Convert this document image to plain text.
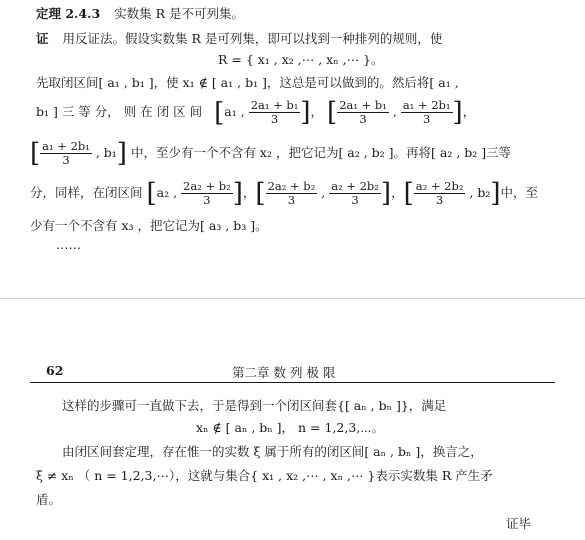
定理 2.4.3 实数集 R 是不可列集。
证 用反证法。假设实数集 R 是可列集，即可以找到一种排列的规则，使
R = { x₁ , x₂ ,⋯ , xₙ ,⋯ }。
先取闭区间[ a₁ , b₁ ]，使 x₁ ∉ [ a₁ , b₁ ]，这总是可以做到的。然后将[ a₁ ,
b₁ ] 三 等 分， 则 在 闭 区 间 [a₁ , $\frac{\text{2a₁ + b₁}}{3}$ ]， [ $\frac{\text{2a₁ + b₁}}{3}$ , $\frac{\text{a₁ + 2b₁}}{3}$ ]，
[ $\frac{\text{a₁ + 2b₁}}{3}$ , b₁] 中，至少有一个不含有 x₂ ，把它记为[ a₂ , b₂ ]。再将[ a₂ , b₂ ]三等
分，同样，在闭区间 [a₂ , $\frac{\text{2a₂ + b₂}}{3}$ ]，[ $\frac{\text{2a₂ + b₂}}{3}$ , $\frac{\text{a₂ + 2b₂}}{3}$ ]，[ $\frac{\text{a₂ + 2b₂}}{3}$ , b₂]中，至
少有一个不含有 x₃ ，把它记为[ a₃ , b₃ ]。
⋯⋯
62	第二章 数 列 极 限
这样的步骤可一直做下去，于是得到一个闭区间套{[ aₙ , bₙ ]}，满足
xₙ ∉ [ aₙ , bₙ ]， n = 1,2,3,⋯。
由闭区间套定理，存在惟一的实数 ξ 属于所有的闭区间[ aₙ , bₙ ]，换言之，
ξ ≠ xₙ （ n = 1,2,3,⋯），这就与集合{ x₁ , x₂ ,⋯ , xₙ ,⋯ }表示实数集 R 产生矛
盾。
证毕
